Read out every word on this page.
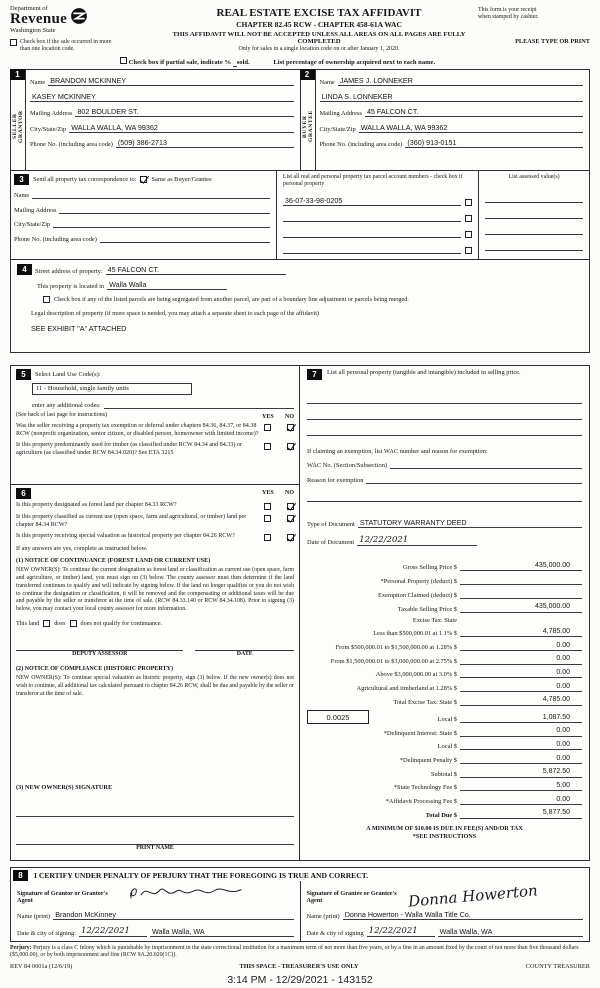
Department of
Revenue
Washington State
Check box if the sale occurred in more than one location code.
REAL ESTATE EXCISE TAX AFFIDAVIT
CHAPTER 82.45 RCW - CHAPTER 458-61A WAC
THIS AFFIDAVIT WILL NOT BE ACCEPTED UNLESS ALL AREAS ON ALL PAGES ARE FULLY COMPLETED
Only for sales in a single location code on or after January 1, 2020.
This form is your receipt
when stamped by cashier.
PLEASE TYPE OR PRINT
Check box if partial sale, indicate % sold.	List percentage of ownership acquired next to each name.
1
SELLER GRANTOR
Name BRANDON MCKINNEY
KASEY MCKINNEY
Mailing Address 802 BOULDER ST.
City/State/Zip WALLA WALLA, WA 99362
Phone No. (including area code) (509) 386-2713
2
BUYER GRANTEE
Name JAMES J. LONNEKER
LINDA S. LONNEKER
Mailing Address 45 FALCON CT.
City/State/Zip WALLA WALLA, WA 99362
Phone No. (including area code) (360) 913-0151
3	Send all property tax correspondence to: Same as Buyer/Grantee
Name
Mailing Address
City/State/Zip
Phone No. (including area code)
List all real and personal property tax parcel account numbers - check box if personal property
36-07-33-98-0205
List assessed value(s)
4	Street address of property: 45 FALCON CT.
This property is located in Walla Walla
Check box if any of the listed parcels are being segregated from another parcel, are part of a boundary line adjustment or parcels being merged.
Legal description of property (if more space is needed, you may attach a separate sheet to each page of the affidavit)
SEE EXHIBIT "A" ATTACHED
5	Select Land Use Code(s):
11 - Household, single family units
enter any additional codes:
(See back of last page for instructions)	YES NO
Was the seller receiving a property tax exemption or deferral under chapters 84.36, 84.37, or 84.38 RCW (nonprofit organization, senior citizen, or disabled person, homeowner with limited income)?
Is this property predominantly used for timber (as classified under RCW 84.34 and 84.33) or agriculture (as classified under RCW 84.34.020)? See ETA 3215
6	YES NO
Is this property designated as forest land per chapter 84.33 RCW?
Is this property classified as current use (open space, farm and agricultural, or timber) land per chapter 84.34 RCW?
Is this property receiving special valuation as historical property per chapter 84.26 RCW?
If any answers are yes, complete as instructed below.
(1) NOTICE OF CONTINUANCE (FOREST LAND OR CURRENT USE)
NEW OWNER(S): To continue the current designation as forest land or classification as current use (open space, farm and agriculture, or timber) land, you must sign on (3) below. The county assessor must then determine if the land transferred continues to qualify and will indicate by signing below. If the land no longer qualifies or you do not wish to continue the designation or classification, it will be removed and the compensating or additional taxes will be due and payable by the seller or transferor at the time of sale. (RCW 84.33.140 or RCW 84.34.108). Prior to signing (3) below, you may contact your local county assessor for more information.
This land does does not qualify for continuance.
DEPUTY ASSESSOR	DATE
(2) NOTICE OF COMPLIANCE (HISTORIC PROPERTY)
NEW OWNER(S): To continue special valuation as historic property, sign (3) below. If the new owner(s) does not wish to continue, all additional tax calculated pursuant to chapter 84.26 RCW, shall be due and payable by the seller or transferor at the time of sale.
(3) NEW OWNER(S) SIGNATURE
PRINT NAME
7	List all personal property (tangible and intangible) included in selling price.
If claiming an exemption, list WAC number and reason for exemption:
WAC No. (Section/Subsection)
Reason for exemption
Type of Document STATUTORY WARRANTY DEED
Date of Document 12/22/2021
Gross Selling Price $	435,000.00
*Personal Property (deduct) $
Exemption Claimed (deduct) $
Taxable Selling Price $	435,000.00
Excise Tax: State
Less than $500,000.01 at 1.1% $	4,785.00
From $500,000.01 to $1,500,000.00 at 1.28% $	0.00
From $1,500,000.01 to $3,000,000.00 at 2.75% $	0.00
Above $3,000,000.00 at 3.0% $	0.00
Agricultural and timberland at 1.28% $	0.00
Total Excise Tax: State $	4,785.00
0.0025	Local $	1,087.50
*Delinquent Interest: State $	0.00
Local $	0.00
*Delinquent Penalty $	0.00
Subtotal $	5,872.50
*State Technology Fee $	5.00
*Affidavit Processing Fee $	0.00
Total Due $	5,877.50
A MINIMUM OF $10.00 IS DUE IN FEE(S) AND/OR TAX
*SEE INSTRUCTIONS
8	I CERTIFY UNDER PENALTY OF PERJURY THAT THE FOREGOING IS TRUE AND CORRECT.
Signature of Grantor or Grantor's Agent
Name (print) Brandon McKinney
Date & city of signing: 12/22/2021	Walla Walla, WA
Signature of Grantee or Grantee's Agent	Donna Howerton
Name (print) Donna Howerton - Walla Walla Title Co.
Date & city of signing 12/22/2021	Walla Walla, WA
Perjury: Perjury is a class C felony which is punishable by imprisonment in the state correctional institution for a maximum term of not more than five years, or by a fine in an amount fixed by the court of not more than five thousand dollars ($5,000.00), or by both imprisonment and fine (RCW 9A.20.020(1C)).
REV 84 0001a (12/6/19)	THIS SPACE - TREASURER'S USE ONLY	COUNTY TREASURER
3:14 PM - 12/29/2021 - 143152
